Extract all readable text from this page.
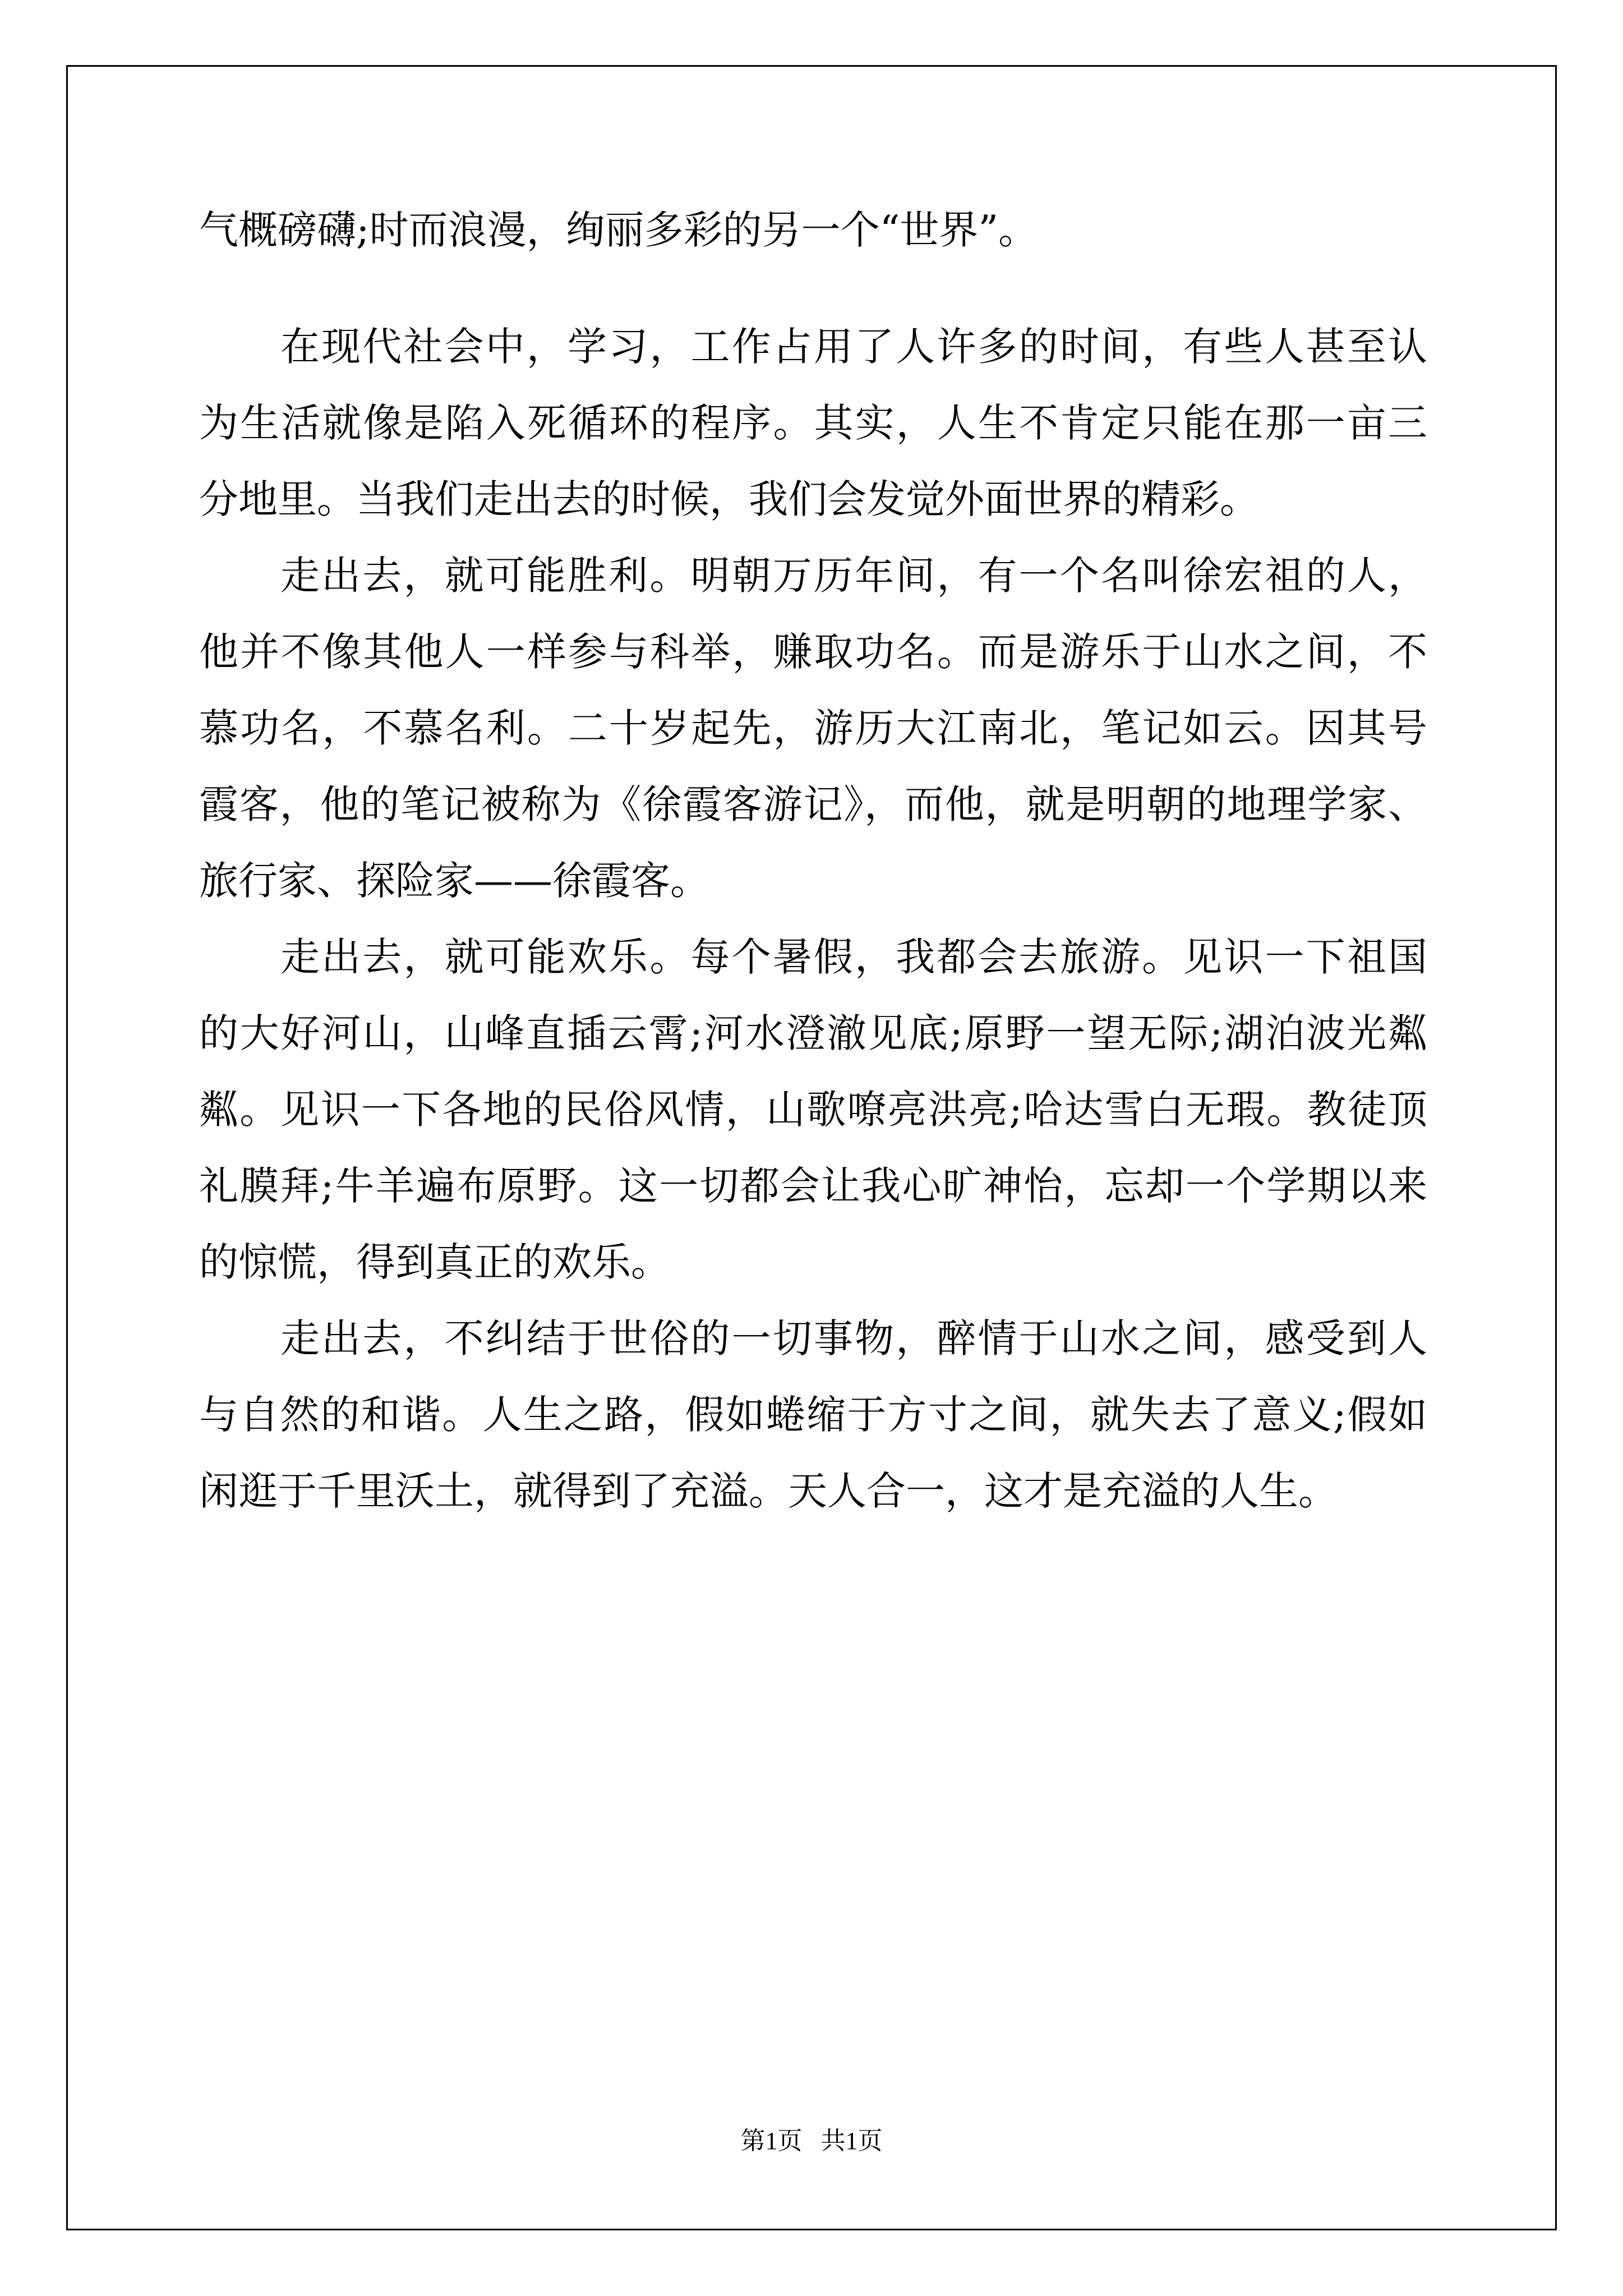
气概磅礴;时而浪漫，绚丽多彩的另一个“世界”。
在现代社会中，学习，工作占用了人许多的时间，有些人甚至认
为生活就像是陷入死循环的程序。其实，人生不肯定只能在那一亩三
分地里。当我们走出去的时候，我们会发觉外面世界的精彩。
走出去，就可能胜利。明朝万历年间，有一个名叫徐宏祖的人，
他并不像其他人一样参与科举，赚取功名。而是游乐于山水之间，不
慕功名，不慕名利。二十岁起先，游历大江南北，笔记如云。因其号
霞客，他的笔记被称为《徐霞客游记》，而他，就是明朝的地理学家、
旅行家、探险家——徐霞客。
走出去，就可能欢乐。每个暑假，我都会去旅游。见识一下祖国
的大好河山，山峰直插云霄;河水澄澈见底;原野一望无际;湖泊波光粼
粼。见识一下各地的民俗风情，山歌嘹亮洪亮;哈达雪白无瑕。教徒顶
礼膜拜;牛羊遍布原野。这一切都会让我心旷神怡，忘却一个学期以来
的惊慌，得到真正的欢乐。
走出去，不纠结于世俗的一切事物，醉情于山水之间，感受到人
与自然的和谐。人生之路，假如蜷缩于方寸之间，就失去了意义;假如
闲逛于千里沃土，就得到了充溢。天人合一，这才是充溢的人生。
第1页   共1页
